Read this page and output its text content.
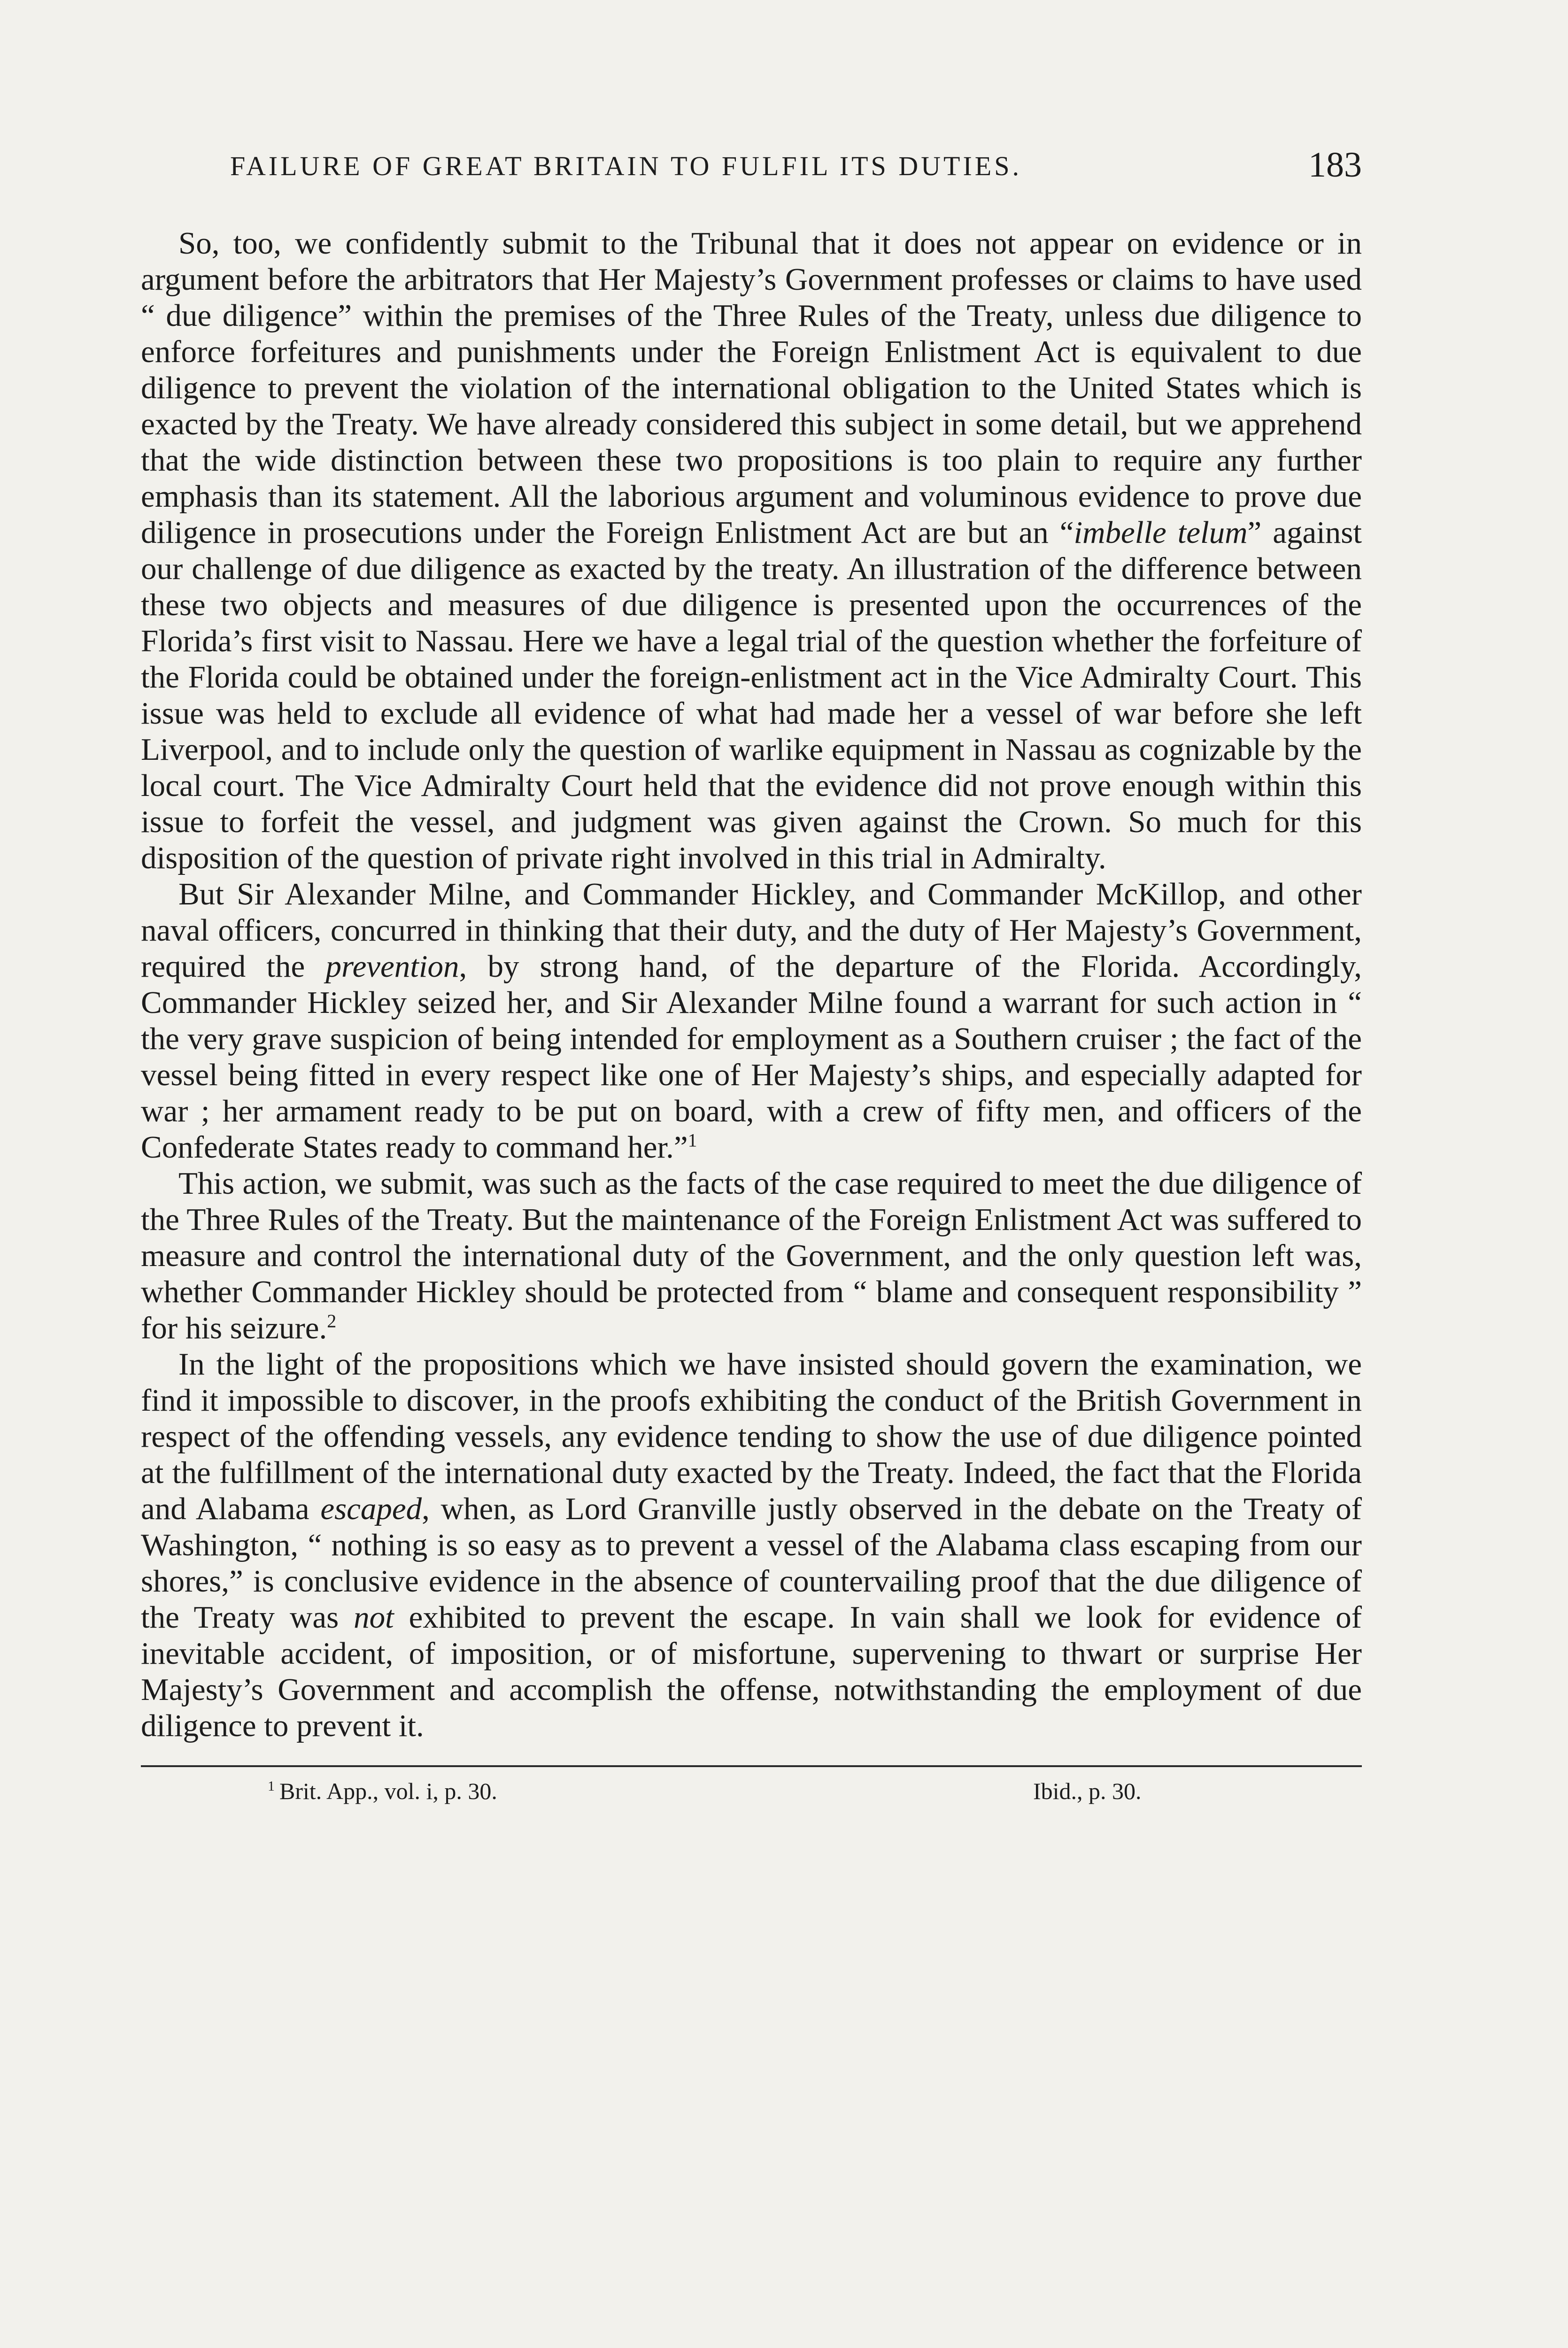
FAILURE OF GREAT BRITAIN TO FULFIL ITS DUTIES.	183

So, too, we confidently submit to the Tribunal that it does not appear on evidence or in argument before the arbitrators that Her Majesty’s Government professes or claims to have used “ due diligence” within the premises of the Three Rules of the Treaty, unless due diligence to enforce forfeitures and punishments under the Foreign Enlistment Act is equivalent to due diligence to prevent the violation of the international obligation to the United States which is exacted by the Treaty. We have already considered this subject in some detail, but we apprehend that the wide distinction between these two propositions is too plain to require any further emphasis than its statement. All the laborious argument and voluminous evidence to prove due diligence in prosecutions under the Foreign Enlistment Act are but an “imbelle telum” against our challenge of due diligence as exacted by the treaty. An illustration of the difference between these two objects and measures of due diligence is presented upon the occurrences of the Florida’s first visit to Nassau. Here we have a legal trial of the question whether the forfeiture of the Florida could be obtained under the foreign-enlistment act in the Vice Admiralty Court. This issue was held to exclude all evidence of what had made her a vessel of war before she left Liverpool, and to include only the question of warlike equipment in Nassau as cognizable by the local court. The Vice Admiralty Court held that the evidence did not prove enough within this issue to forfeit the vessel, and judgment was given against the Crown. So much for this disposition of the question of private right involved in this trial in Admiralty.

But Sir Alexander Milne, and Commander Hickley, and Commander McKillop, and other naval officers, concurred in thinking that their duty, and the duty of Her Majesty’s Government, required the prevention, by strong hand, of the departure of the Florida. Accordingly, Commander Hickley seized her, and Sir Alexander Milne found a warrant for such action in “ the very grave suspicion of being intended for employment as a Southern cruiser ; the fact of the vessel being fitted in every respect like one of Her Majesty’s ships, and especially adapted for war ; her armament ready to be put on board, with a crew of fifty men, and officers of the Confederate States ready to command her.”$^1$

This action, we submit, was such as the facts of the case required to meet the due diligence of the Three Rules of the Treaty. But the maintenance of the Foreign Enlistment Act was suffered to measure and control the international duty of the Government, and the only question left was, whether Commander Hickley should be protected from “ blame and consequent responsibility ” for his seizure.$^2$

In the light of the propositions which we have insisted should govern the examination, we find it impossible to discover, in the proofs exhibiting the conduct of the British Government in respect of the offending vessels, any evidence tending to show the use of due diligence pointed at the fulfillment of the international duty exacted by the Treaty. Indeed, the fact that the Florida and Alabama escaped, when, as Lord Granville justly observed in the debate on the Treaty of Washington, “ nothing is so easy as to prevent a vessel of the Alabama class escaping from our shores,” is conclusive evidence in the absence of countervailing proof that the due diligence of the Treaty was not exhibited to prevent the escape. In vain shall we look for evidence of inevitable accident, of imposition, or of misfortune, supervening to thwart or surprise Her Majesty’s Government and accomplish the offense, notwithstanding the employment of due diligence to prevent it.

$^1$ Brit. App., vol. i, p. 30.	Ibid., p. 30.
